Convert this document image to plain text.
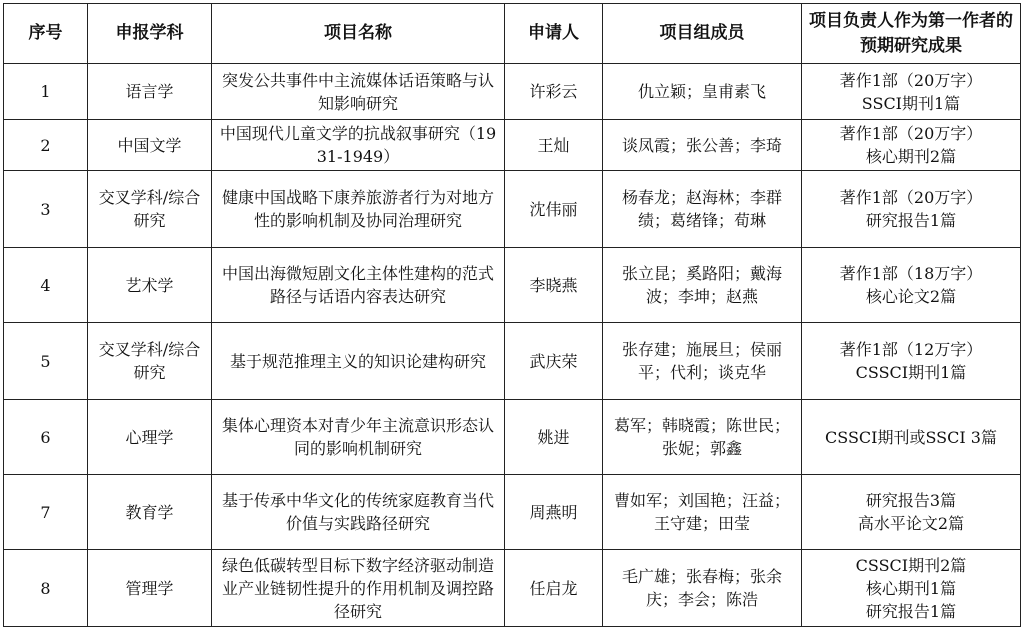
序号	申报学科	项目名称	申请人	项目组成员	项目负责人作为第一作者的预期研究成果
1	语言学	突发公共事件中主流媒体话语策略与认知影响研究	许彩云	仇立颖；皇甫素飞	著作1部（20万字）
SSCI期刊1篇

2	中国文学	中国现代儿童文学的抗战叙事研究（1931-1949）	王灿	谈凤霞；张公善；李琦	著作1部（20万字）
核心期刊2篇

3	交叉学科/综合研究	健康中国战略下康养旅游者行为对地方性的影响机制及协同治理研究	沈伟丽	杨春龙；赵海林；李群绩；葛绪锋；荀琳	著作1部（20万字）
研究报告1篇

4	艺术学	中国出海微短剧文化主体性建构的范式路径与话语内容表达研究	李晓燕	张立昆；奚路阳；戴海波；李坤；赵燕	著作1部（18万字）
核心论文2篇

5	交叉学科/综合研究	基于规范推理主义的知识论建构研究	武庆荣	张存建；施展旦；侯丽平；代利；谈克华	著作1部（12万字）
CSSCI期刊1篇

6	心理学	集体心理资本对青少年主流意识形态认同的影响机制研究	姚进	葛军；韩晓霞；陈世民；张妮；郭鑫	CSSCI期刊或SSCI 3篇

7	教育学	基于传承中华文化的传统家庭教育当代价值与实践路径研究	周燕明	曹如军；刘国艳；汪益；王守建；田莹	研究报告3篇
高水平论文2篇

8	管理学	绿色低碳转型目标下数字经济驱动制造业产业链韧性提升的作用机制及调控路径研究	任启龙	毛广雄；张春梅；张余庆；李会；陈浩	CSSCI期刊2篇
核心期刊1篇
研究报告1篇
